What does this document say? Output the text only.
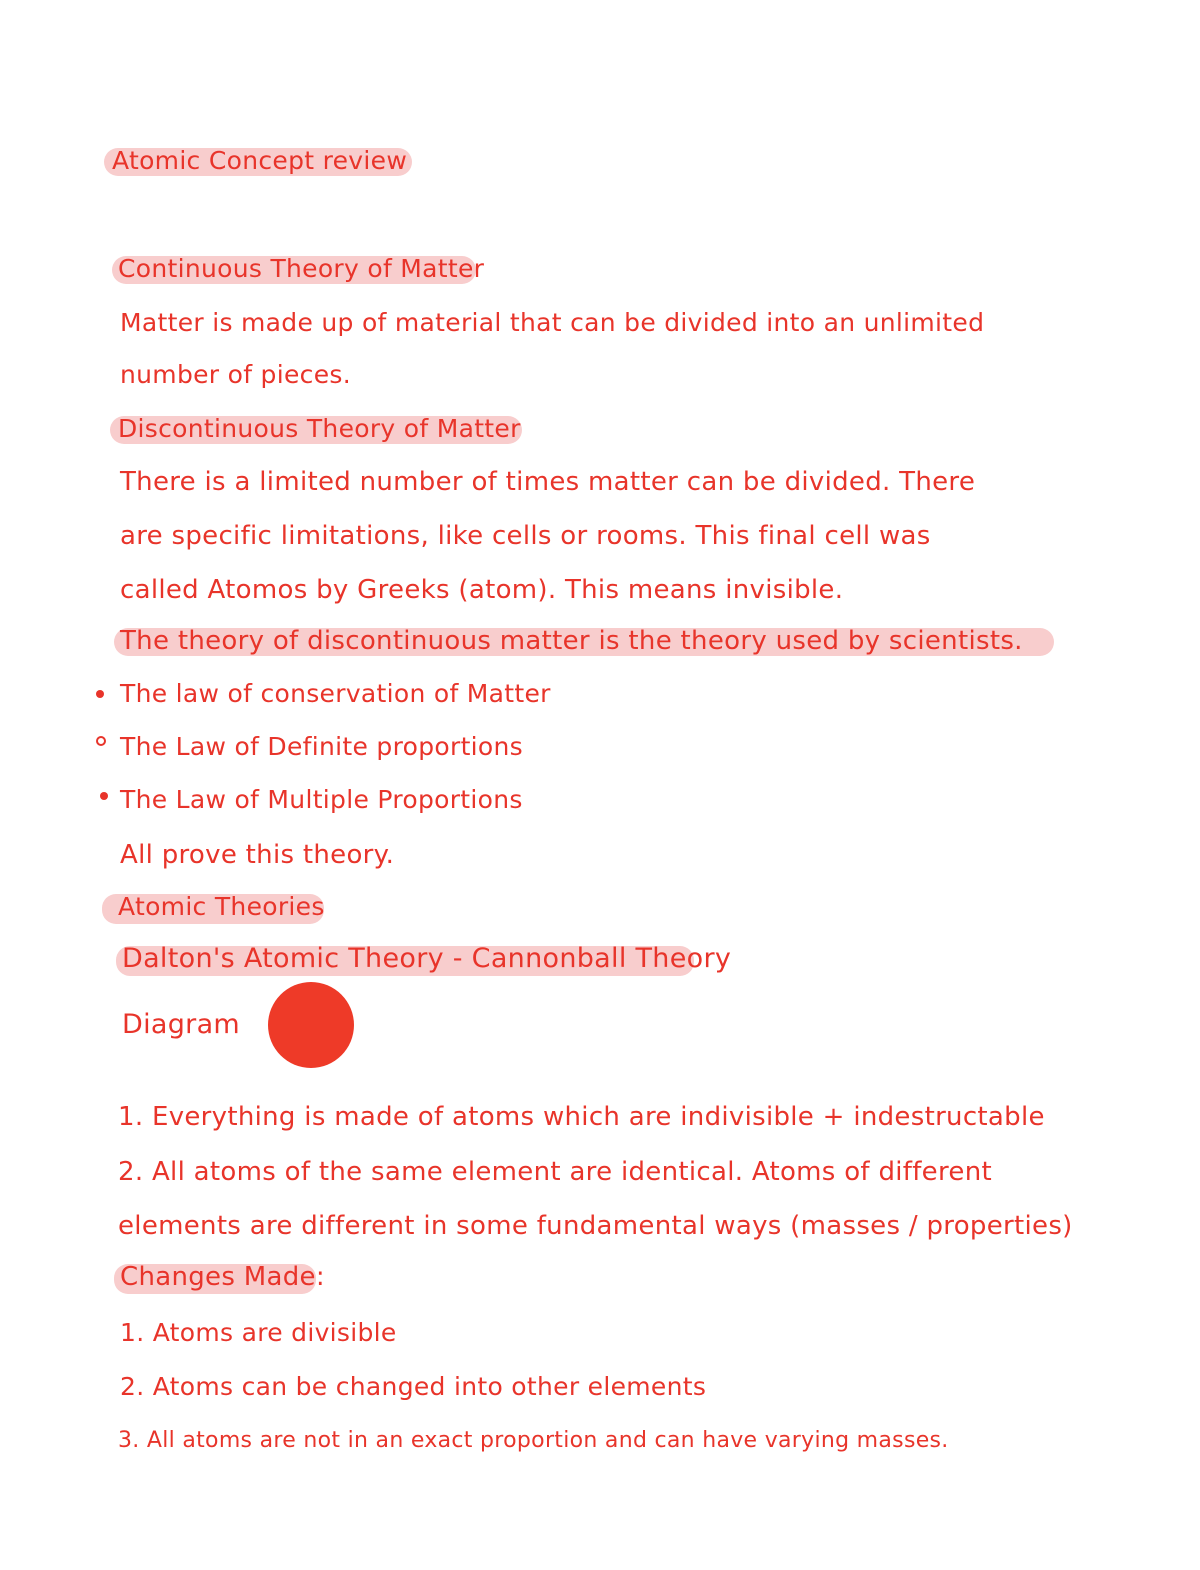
Atomic Concept review
Continuous Theory of Matter
Matter is made up of material that can be divided into an unlimited
number of pieces.
Discontinuous Theory of Matter
There is a limited number of times matter can be divided. There
are specific limitations, like cells or rooms. This final cell was
called Atomos by Greeks (atom). This means invisible.
The theory of discontinuous matter is the theory used by scientists.
The law of conservation of Matter
The Law of Definite proportions
The Law of Multiple Proportions
All prove this theory.
Atomic Theories
Dalton's Atomic Theory - Cannonball Theory
Diagram
1. Everything is made of atoms which are indivisible + indestructable
2. All atoms of the same element are identical. Atoms of different
elements are different in some fundamental ways (masses / properties)
Changes Made:
1. Atoms are divisible
2. Atoms can be changed into other elements
3. All atoms are not in an exact proportion and can have varying masses.
